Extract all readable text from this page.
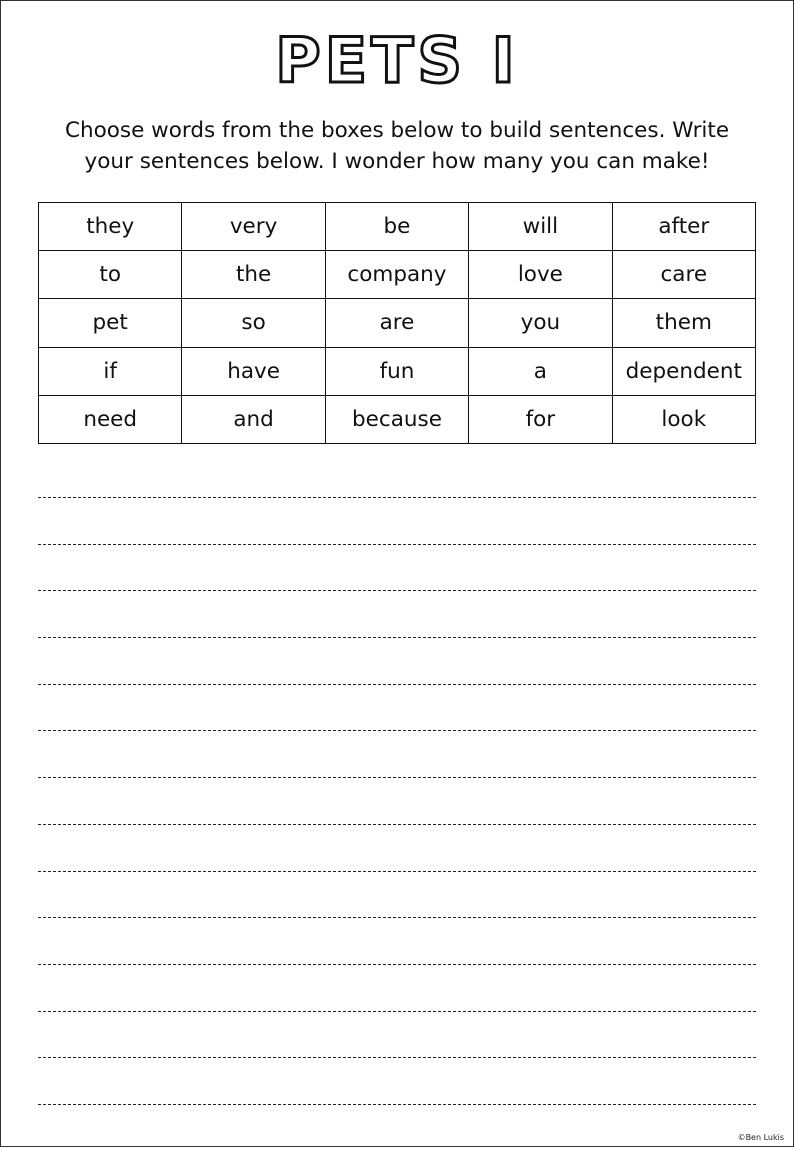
PETS I
Choose words from the boxes below to build sentences. Write
your sentences below. I wonder how many you can make!
they	very	be	will	after
to	the	company	love	care
pet	so	are	you	them
if	have	fun	a	dependent
need	and	because	for	look
©Ben Lukis
